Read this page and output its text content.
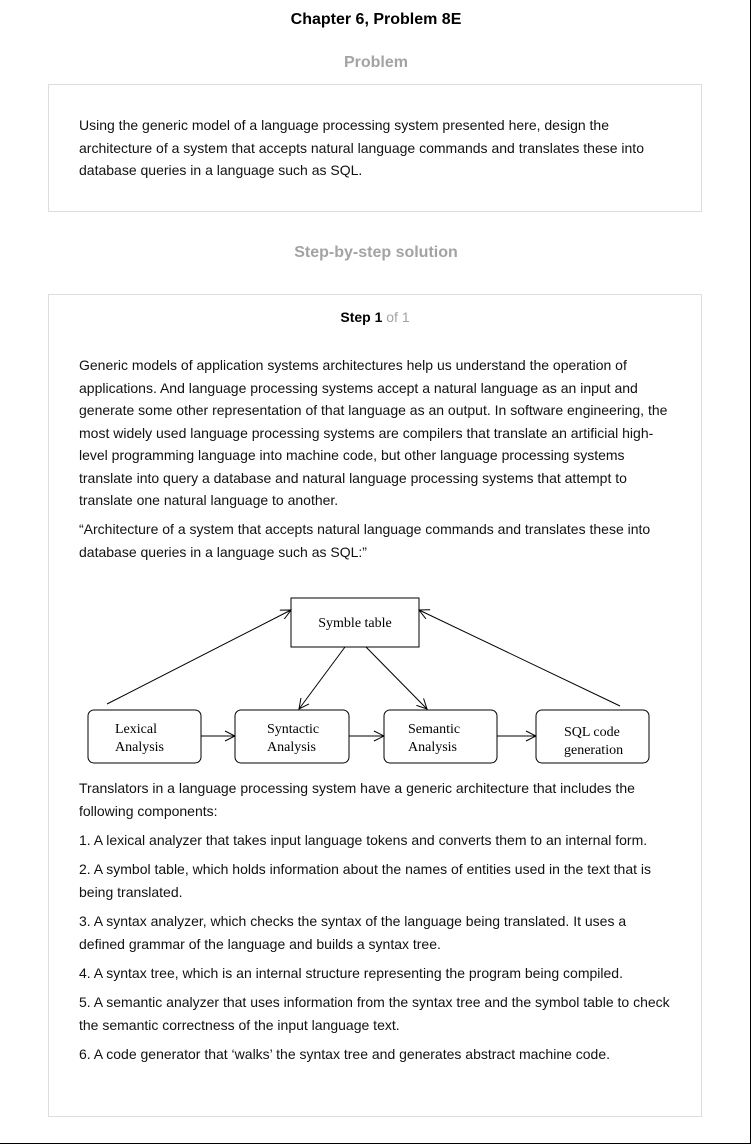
Chapter 6, Problem 8E
Problem

Using the generic model of a language processing system presented here, design the architecture of a system that accepts natural language commands and translates these into database queries in a language such as SQL.

Step-by-step solution
Step 1 of 1

Generic models of application systems architectures help us understand the operation of applications. And language processing systems accept a natural language as an input and generate some other representation of that language as an output. In software engineering, the most widely used language processing systems are compilers that translate an artificial high-level programming language into machine code, but other language processing systems translate into query a database and natural language processing systems that attempt to translate one natural language to another.

“Architecture of a system that accepts natural language commands and translates these into database queries in a language such as SQL:”

Symble table
Lexical
Analysis
Syntactic
Analysis
Semantic
Analysis
SQL code
generation

Translators in a language processing system have a generic architecture that includes the following components:

1. A lexical analyzer that takes input language tokens and converts them to an internal form.

2. A symbol table, which holds information about the names of entities used in the text that is being translated.

3. A syntax analyzer, which checks the syntax of the language being translated. It uses a defined grammar of the language and builds a syntax tree.

4. A syntax tree, which is an internal structure representing the program being compiled.

5. A semantic analyzer that uses information from the syntax tree and the symbol table to check the semantic correctness of the input language text.

6. A code generator that ‘walks’ the syntax tree and generates abstract machine code.
